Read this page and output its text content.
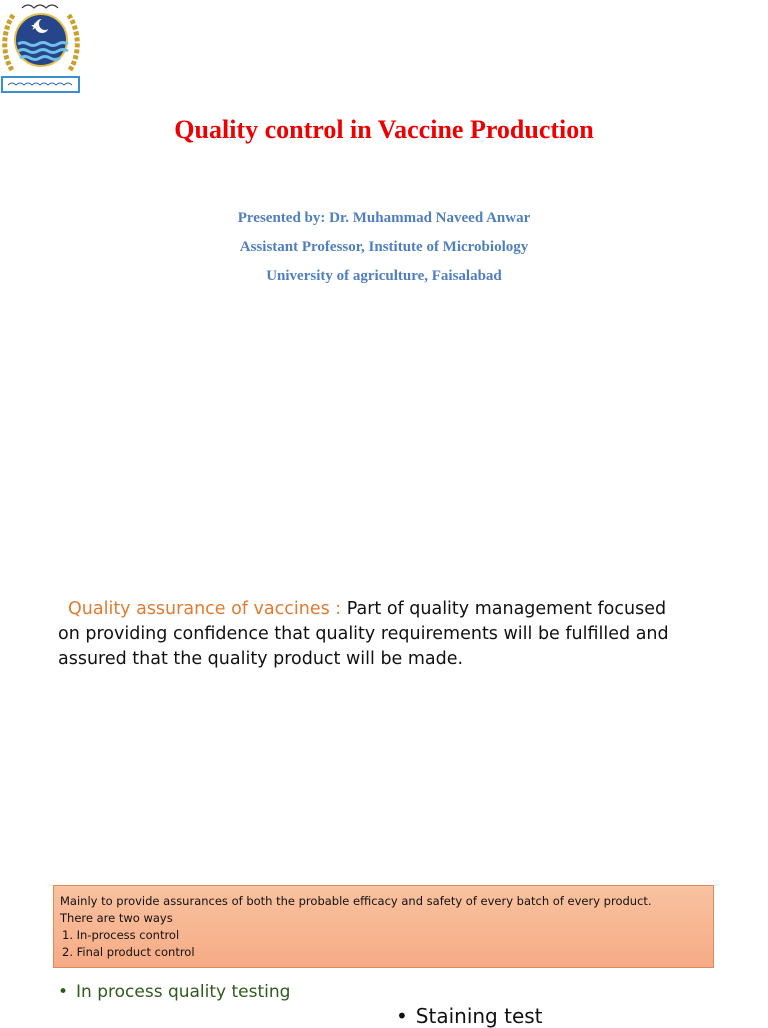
Quality control in Vaccine Production
Presented by: Dr. Muhammad Naveed Anwar
Assistant Professor, Institute of Microbiology
University of agriculture, Faisalabad
Quality assurance of vaccines : Part of quality management focused
on providing confidence that quality requirements will be fulfilled and
assured that the quality product will be made.
Mainly to provide assurances of both the probable efficacy and safety of every batch of every product.
There are two ways
1. In-process control
2. Final product control
• In process quality testing
• Staining test
